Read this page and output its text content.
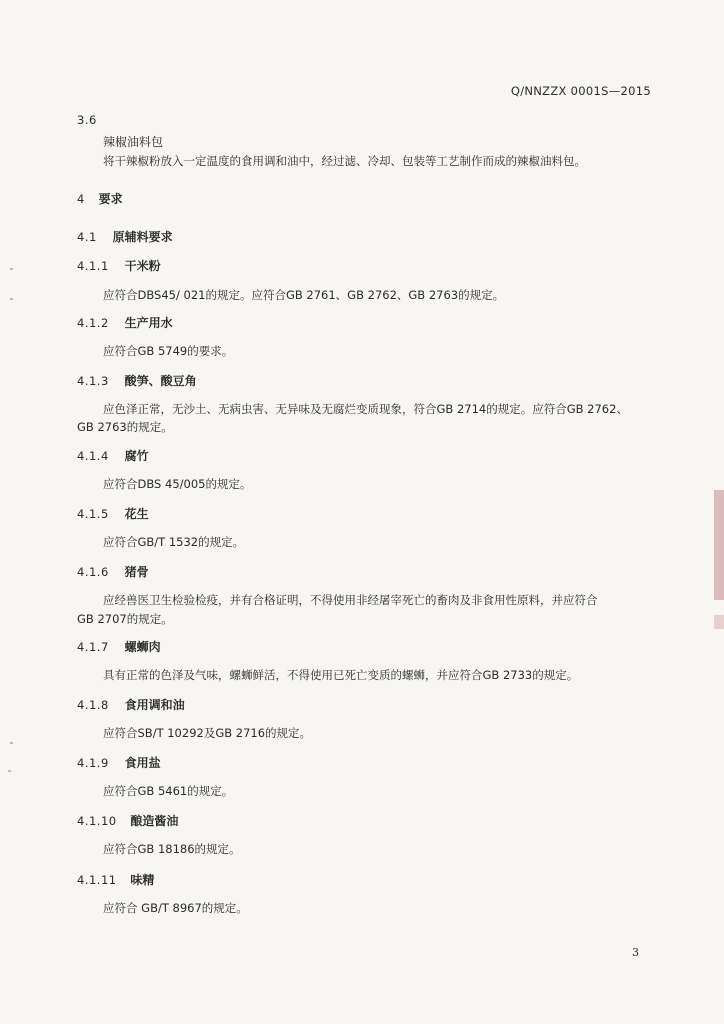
Q/NNZZX 0001S—2015
3.6
辣椒油料包
将干辣椒粉放入一定温度的食用调和油中，经过滤、冷却、包装等工艺制作而成的辣椒油料包。
4 要求
4.1 原辅料要求
4.1.1 干米粉
应符合DBS45/ 021的规定。应符合GB 2761、GB 2762、GB 2763的规定。
4.1.2 生产用水
应符合GB 5749的要求。
4.1.3 酸笋、酸豆角
应色泽正常，无沙土、无病虫害、无异味及无腐烂变质现象，符合GB 2714的规定。应符合GB 2762、
GB 2763的规定。
4.1.4 腐竹
应符合DBS 45/005的规定。
4.1.5 花生
应符合GB/T 1532的规定。
4.1.6 猪骨
应经兽医卫生检验检疫，并有合格证明，不得使用非经屠宰死亡的畜肉及非食用性原料，并应符合
GB 2707的规定。
4.1.7 螺蛳肉
具有正常的色泽及气味，螺蛳鲜活，不得使用已死亡变质的螺蛳，并应符合GB 2733的规定。
4.1.8 食用调和油
应符合SB/T 10292及GB 2716的规定。
4.1.9 食用盐
应符合GB 5461的规定。
4.1.10 酿造酱油
应符合GB 18186的规定。
4.1.11 味精
应符合 GB/T 8967的规定。
3
